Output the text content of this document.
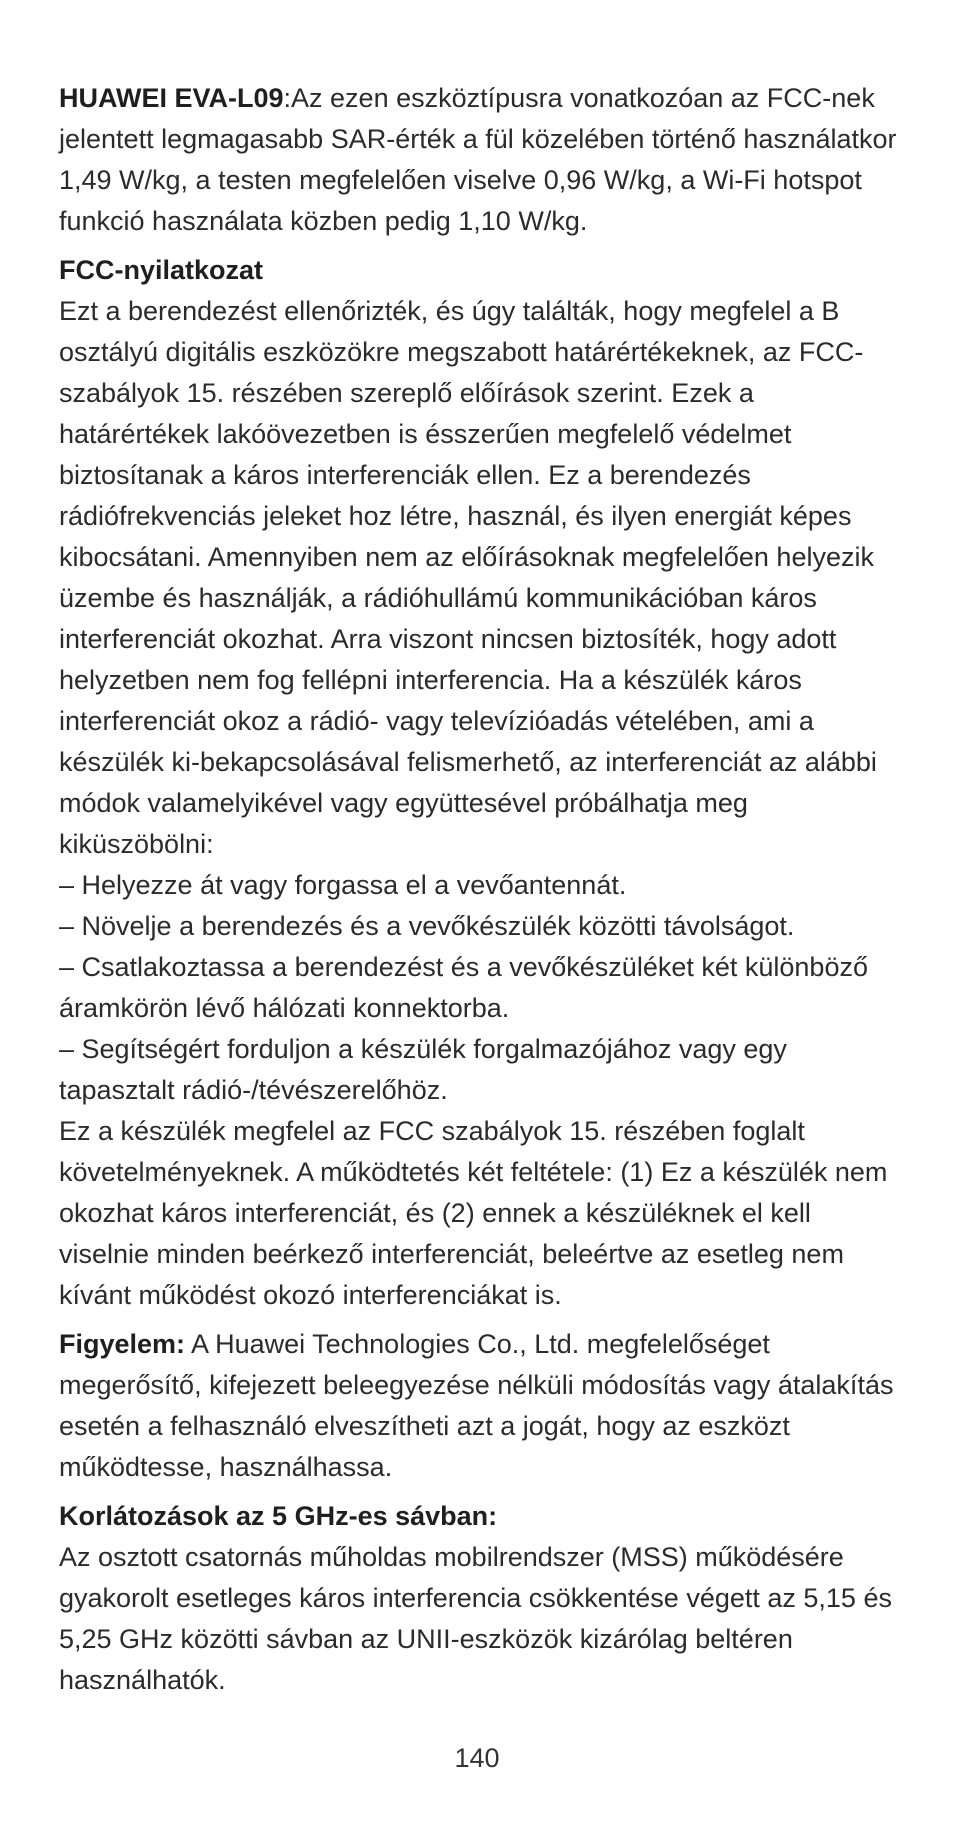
HUAWEI EVA-L09:Az ezen eszköztípusra vonatkozóan az FCC-nek jelentett legmagasabb SAR-érték a fül közelében történő használatkor 1,49 W/kg, a testen megfelelően viselve 0,96 W/kg, a Wi-Fi hotspot funkció használata közben pedig 1,10 W/kg.

FCC-nyilatkozat

Ezt a berendezést ellenőrizték, és úgy találták, hogy megfelel a B osztályú digitális eszközökre megszabott határértékeknek, az FCC-szabályok 15. részében szereplő előírások szerint. Ezek a határértékek lakóövezetben is ésszerűen megfelelő védelmet biztosítanak a káros interferenciák ellen. Ez a berendezés rádiófrekvenciás jeleket hoz létre, használ, és ilyen energiát képes kibocsátani. Amennyiben nem az előírásoknak megfelelően helyezik üzembe és használják, a rádióhullámú kommunikációban káros interferenciát okozhat. Arra viszont nincsen biztosíték, hogy adott helyzetben nem fog fellépni interferencia. Ha a készülék káros interferenciát okoz a rádió- vagy televízióadás vételében, ami a készülék ki-bekapcsolásával felismerhető, az interferenciát az alábbi módok valamelyikével vagy együttesével próbálhatja meg kiküszöbölni:

– Helyezze át vagy forgassa el a vevőantennát.

– Növelje a berendezés és a vevőkészülék közötti távolságot.

– Csatlakoztassa a berendezést és a vevőkészüléket két különböző áramkörön lévő hálózati konnektorba.

– Segítségért forduljon a készülék forgalmazójához vagy egy tapasztalt rádió-/tévészerelőhöz.

Ez a készülék megfelel az FCC szabályok 15. részében foglalt követelményeknek. A működtetés két feltétele: (1) Ez a készülék nem okozhat káros interferenciát, és (2) ennek a készüléknek el kell viselnie minden beérkező interferenciát, beleértve az esetleg nem kívánt működést okozó interferenciákat is.

Figyelem: A Huawei Technologies Co., Ltd. megfelelőséget megerősítő, kifejezett beleegyezése nélküli módosítás vagy átalakítás esetén a felhasználó elveszítheti azt a jogát, hogy az eszközt működtesse, használhassa.

Korlátozások az 5 GHz-es sávban:

Az osztott csatornás műholdas mobilrendszer (MSS) működésére gyakorolt esetleges káros interferencia csökkentése végett az 5,15 és 5,25 GHz közötti sávban az UNII-eszközök kizárólag beltéren használhatók.

140
